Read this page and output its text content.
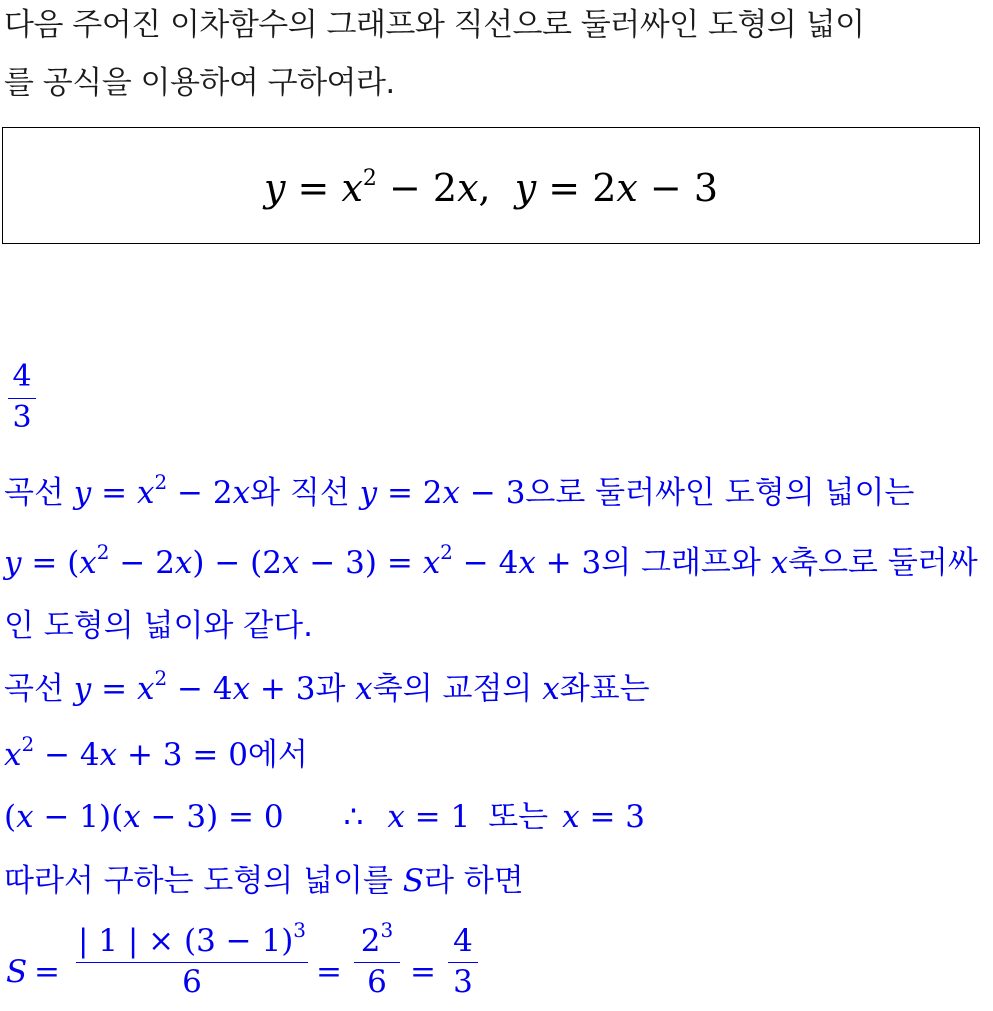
다음 주어진 이차함수의 그래프와 직선으로 둘러싸인 도형의 넓이
를 공식을 이용하여 구하여라.
$y = x^2 - 2x$,  y = 2x − 3
4
3
곡선 $y = x^2 - 2x$와 직선 y = 2x − 3으로 둘러싸인 도형의 넓이는
$y = (x^2 - 2x) - (2x - 3) = x^2 - 4x + 3$의 그래프와 x축으로 둘러싸
인 도형의 넓이와 같다.
곡선 $y = x^2 - 4x + 3$과 x축의 교점의 x좌표는
$x^2 - 4x + 3 = 0$에서
(x − 1)(x − 3) = 0 ∴ x = 1 또는 x = 3
따라서 구하는 도형의 넓이를 S라 하면
S =
| 1 | × $(3 - 1)^3$
6	=
$2^3$
6 =
4
3
